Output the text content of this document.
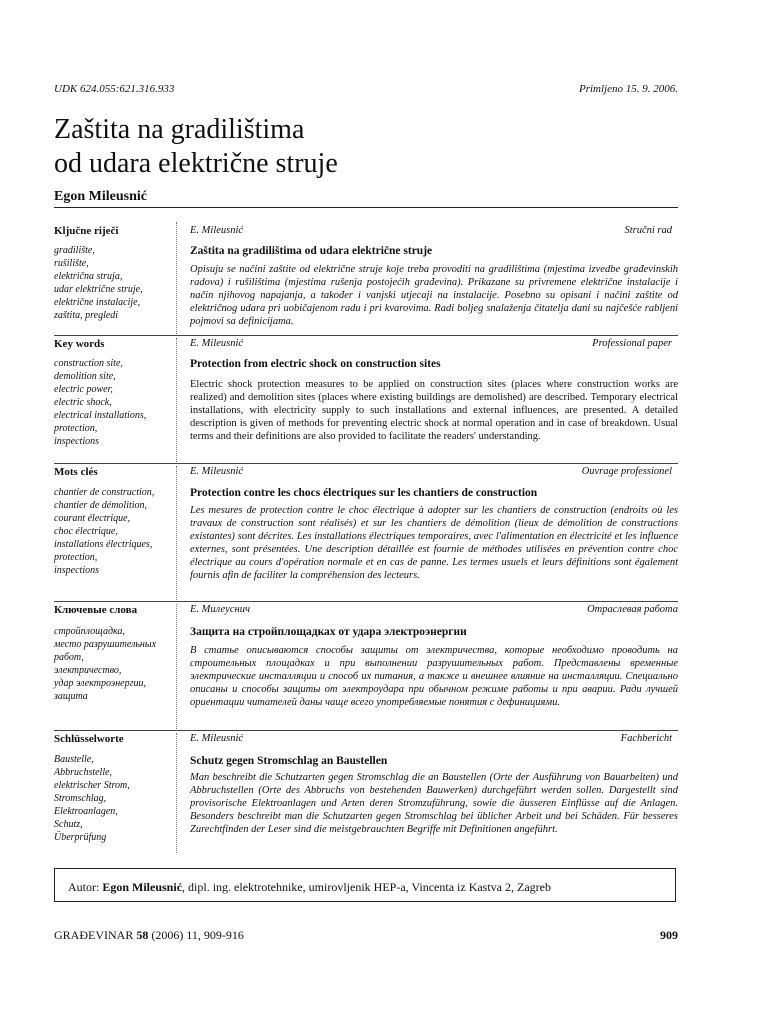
UDK 624.055:621.316.933	Primljeno 15. 9. 2006.
Zaštita na gradilištima
od udara električne struje
Egon Mileusnić
Ključne riječi
gradilište,
rušilište,
električna struja,
udar električne struje,
električne instalacije,
zaštita, pregledi
E. Mileusnić	Stručni rad
Zaštita na gradilištima od udara električne struje

Opisuju se načini zaštite od električne struje koje treba provoditi na gradilištima (mjestima izvedbe građevinskih radova) i rušilištima (mjestima rušenja postojećih građevina). Prikazane su privremene električne instalacije i način njihovog napajanja, a također i vanjski utjecaji na instalacije. Posebno su opisani i načini zaštite od električnog udara pri uobičajenom radu i pri kvarovima. Radi boljeg snalaženja čitatelja dani su najčešće rabljeni pojmovi sa definicijama.

Key words
construction site,
demolition site,
electric power,
electric shock,
electrical installations,
protection,
inspections
E. Mileusnić	Professional paper
Protection from electric shock on construction sites

Electric shock protection measures to be applied on construction sites (places where construction works are realized) and demolition sites (places where existing buildings are demolished) are described. Temporary electrical installations, with electricity supply to such installations and external influences, are presented. A detailed description is given of methods for preventing electric shock at normal operation and in case of breakdown. Usual terms and their definitions are also provided to facilitate the readers' understanding.

Mots clés
chantier de construction,
chantier de démolition,
courant électrique,
choc électrique,
installations électriques,
protection,
inspections
E. Mileusnić	Ouvrage professionel
Protection contre les chocs électriques sur les chantiers de construction

Les mesures de protection contre le choc électrique à adopter sur les chantiers de construction (endroits où les travaux de construction sont réalisés) et sur les chantiers de démolition (lieux de démolition de constructions existantes) sont décrites. Les installations électriques temporaires, avec l'alimentation en électricité et les influence externes, sont présentées. Une description détaillée est fournie de méthodes utilisées en prévention contre choc électrique au cours d'opération normale et en cas de panne. Les termes usuels et leurs définitions sont également fournis afin de faciliter la compréhension des lecteurs.

Ключевые слова
стройплощадка,
место разрушительных работ,
электричество,
удар электроэнергии,
защита
Е. Милеуснич	Отраслевая работа
Защита на стройплощадках от удара электроэнергии

В статье описываются способы защиты от электричества, которые необходимо проводить на строительных площадках и при выполнении разрушительных работ. Представлены временные электрические инсталляции и способ их питания, а также и внешнее влияние на инсталляции. Специально описаны и способы защиты от электроудара при обычном режиме работы и при аварии. Ради лучшей ориентации читателей даны чаще всего употребляемые понятия с дефинициями.

Schlüsselworte
Baustelle,
Abbruchstelle,
elektrischer Strom,
Stromschlag,
Elektroanlagen,
Schutz,
Überprüfung
E. Mileusnić	Fachbericht
Schutz gegen Stromschlag an Baustellen

Man beschreibt die Schutzarten gegen Stromschlag die an Baustellen (Orte der Ausführung von Bauarbeiten) und Abbruchstellen (Orte des Abbruchs von bestehenden Bauwerken) durchgeführt werden sollen. Dargestellt sind provisorische Elektroanlagen und Arten deren Stromzuführung, sowie die äusseren Einflüsse auf die Anlagen. Besonders beschreibt man die Schutzarten gegen Stromschlag bei üblicher Arbeit und bei Schäden. Für besseres Zurechtfinden der Leser sind die meistgebrauchten Begriffe mit Definitionen angeführt.

Autor: Egon Mileusnić, dipl. ing. elektrotehnike, umirovljenik HEP-a, Vincenta iz Kastva 2, Zagreb
GRAĐEVINAR 58 (2006) 11, 909-916	909
